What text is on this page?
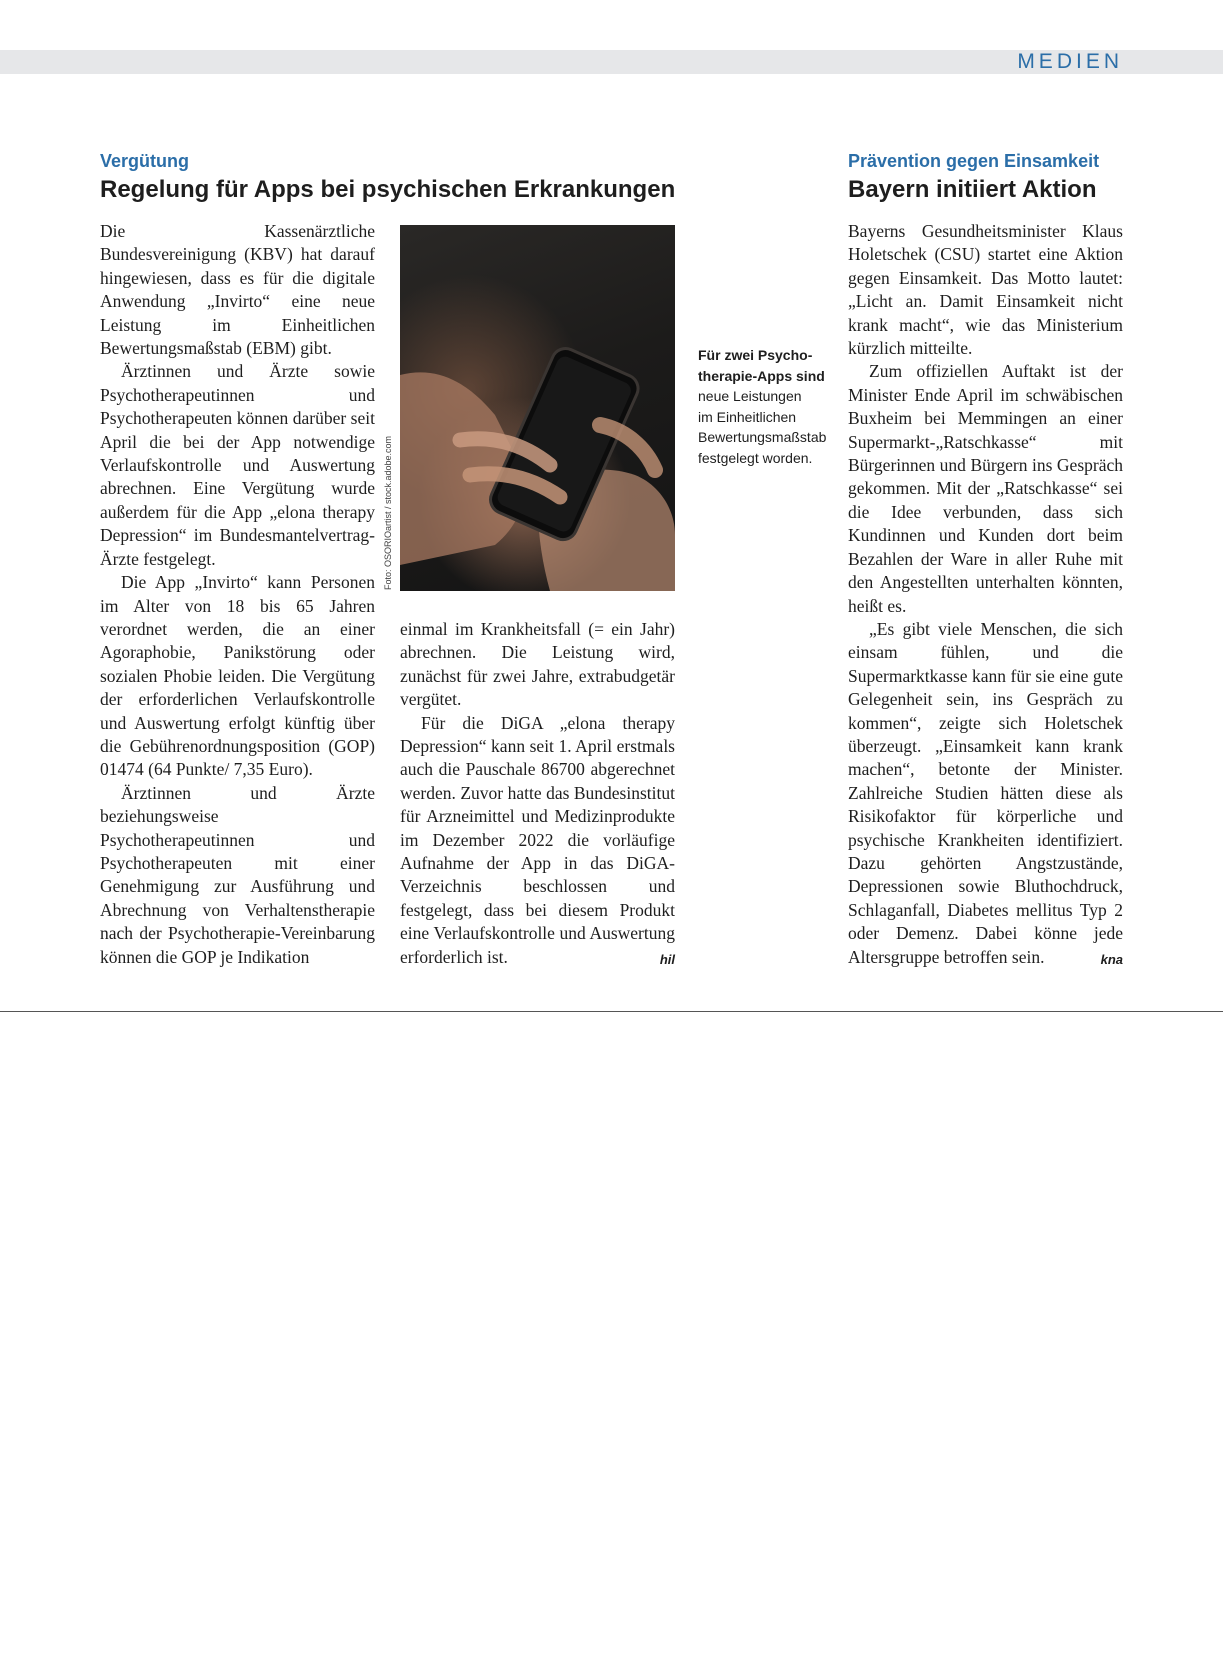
MEDIEN
Vergütung
Regelung für Apps bei psychischen Erkrankungen

Die Kassenärztliche Bundesvereinigung (KBV) hat darauf hingewiesen, dass es für die digitale Anwendung „Invirto“ eine neue Leistung im Einheitlichen Bewertungsmaßstab (EBM) gibt.

Ärztinnen und Ärzte sowie Psychotherapeutinnen und Psychotherapeuten können darüber seit April die bei der App notwendige Verlaufskontrolle und Auswertung abrechnen. Eine Vergütung wurde außerdem für die App „elona therapy Depression“ im Bundesmantelvertrag-Ärzte festgelegt.

Die App „Invirto“ kann Personen im Alter von 18 bis 65 Jahren verordnet werden, die an einer Agoraphobie, Panikstörung oder sozialen Phobie leiden. Die Vergütung der erforderlichen Verlaufskontrolle und Auswertung erfolgt künftig über die Gebührenordnungsposition (GOP) 01474 (64 Punkte/ 7,35 Euro).

Ärztinnen und Ärzte beziehungsweise Psychotherapeutinnen und Psychotherapeuten mit einer Genehmigung zur Ausführung und Abrechnung von Verhaltenstherapie nach der Psychotherapie-Vereinbarung können die GOP je Indikation

Foto: OSORIOartist / stock.adobe.com
Für zwei Psycho-
therapie-Apps sind
neue Leistungen
im Einheitlichen
Bewertungsmaßstab
festgelegt worden.

einmal im Krankheitsfall (= ein Jahr) abrechnen. Die Leistung wird, zunächst für zwei Jahre, extrabudgetär vergütet.

Für die DiGA „elona therapy Depression“ kann seit 1. April erstmals auch die Pauschale 86700 abgerechnet werden. Zuvor hatte das Bundesinstitut für Arzneimittel und Medizinprodukte im Dezember 2022 die vorläufige Aufnahme der App in das DiGA-Verzeichnis beschlossen und festgelegt, dass bei diesem Produkt eine Verlaufskontrolle und Auswertung erforderlich ist.	hil

Prävention gegen Einsamkeit
Bayern initiiert Aktion

Bayerns Gesundheitsminister Klaus Holetschek (CSU) startet eine Aktion gegen Einsamkeit. Das Motto lautet: „Licht an. Damit Einsamkeit nicht krank macht“, wie das Ministerium kürzlich mitteilte.

Zum offiziellen Auftakt ist der Minister Ende April im schwäbischen Buxheim bei Memmingen an einer Supermarkt-„Ratschkasse“ mit Bürgerinnen und Bürgern ins Gespräch gekommen. Mit der „Ratschkasse“ sei die Idee verbunden, dass sich Kundinnen und Kunden dort beim Bezahlen der Ware in aller Ruhe mit den Angestellten unterhalten könnten, heißt es.

„Es gibt viele Menschen, die sich einsam fühlen, und die Supermarktkasse kann für sie eine gute Gelegenheit sein, ins Gespräch zu kommen“, zeigte sich Holetschek überzeugt. „Einsamkeit kann krank machen“, betonte der Minister. Zahlreiche Studien hätten diese als Risikofaktor für körperliche und psychische Krankheiten identifiziert. Dazu gehörten Angstzustände, Depressionen sowie Bluthochdruck, Schlaganfall, Diabetes mellitus Typ 2 oder Demenz. Dabei könne jede Altersgruppe betroffen sein.	kna
